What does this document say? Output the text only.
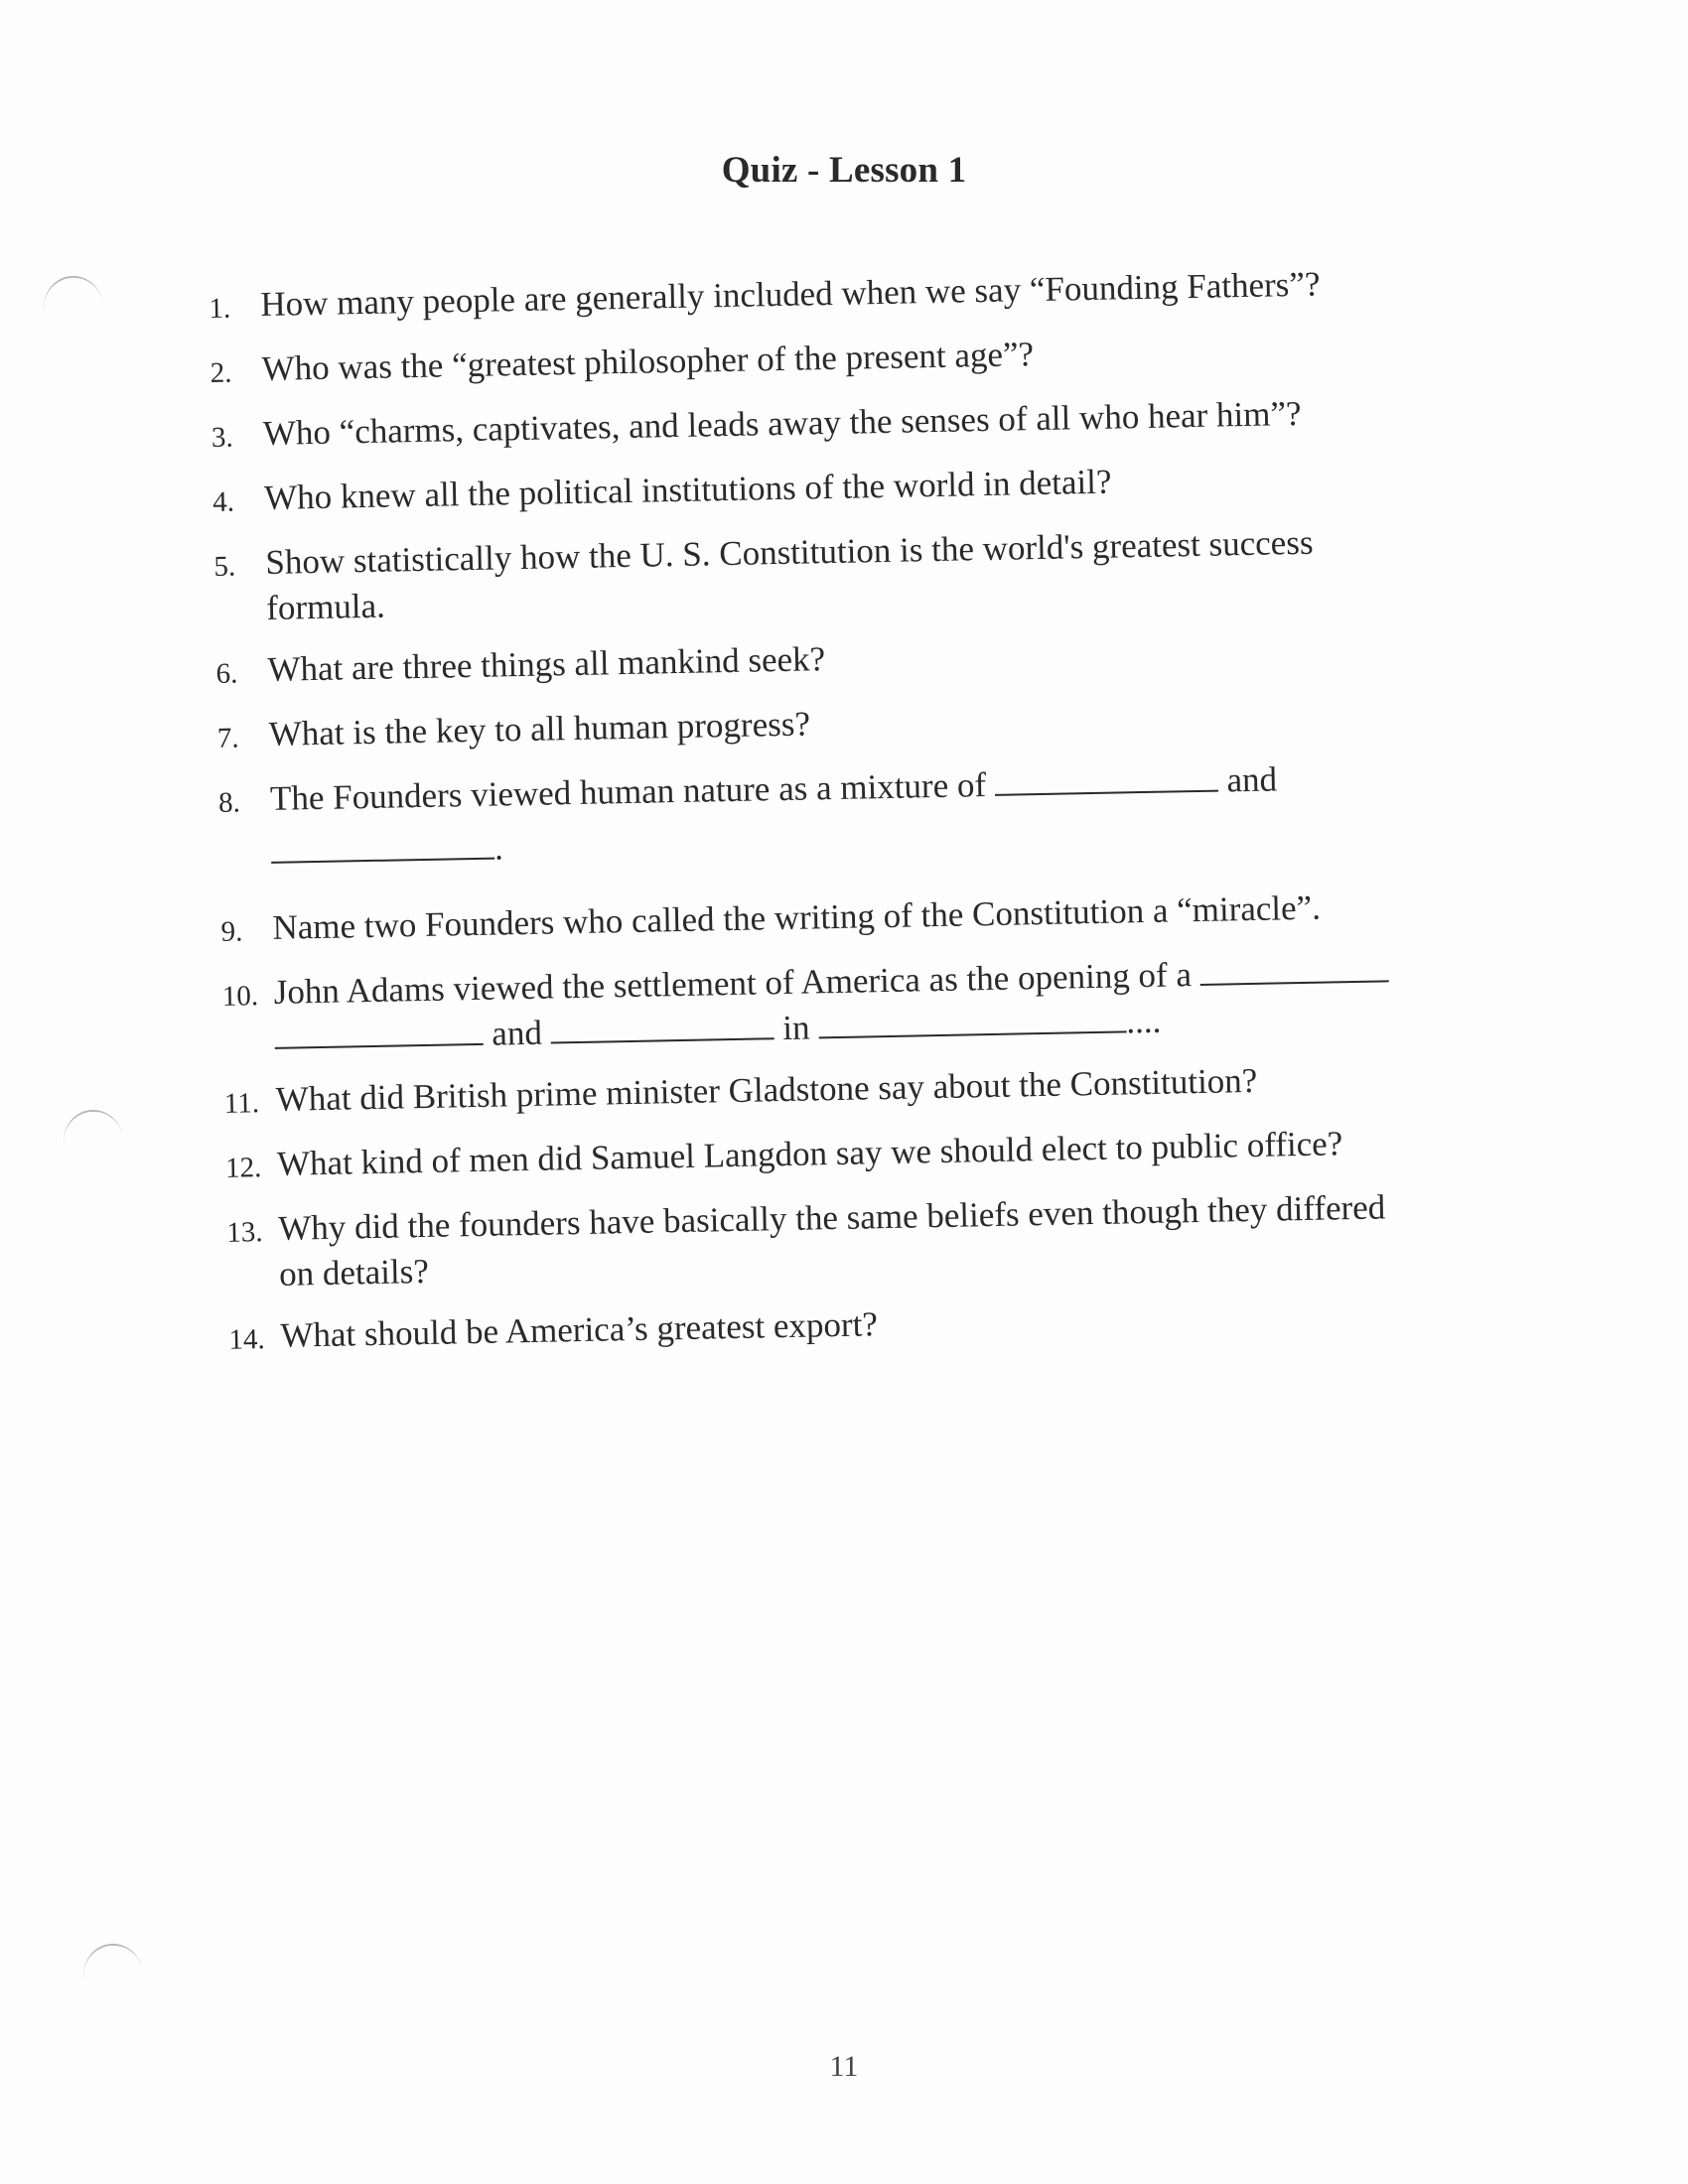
Quiz - Lesson 1
1. How many people are generally included when we say “Founding Fathers”?
2. Who was the “greatest philosopher of the present age”?
3. Who “charms, captivates, and leads away the senses of all who hear him”?
4. Who knew all the political institutions of the world in detail?
5. Show statistically how the U. S. Constitution is the world's greatest success
formula.
6. What are three things all mankind seek?
7. What is the key to all human progress?
8. The Founders viewed human nature as a mixture of	and
.
9. Name two Founders who called the writing of the Constitution a “miracle”.
10. John Adams viewed the settlement of America as the opening of a
and	in	....
11. What did British prime minister Gladstone say about the Constitution?
12. What kind of men did Samuel Langdon say we should elect to public office?
13. Why did the founders have basically the same beliefs even though they differed
on details?
14. What should be America’s greatest export?
11
